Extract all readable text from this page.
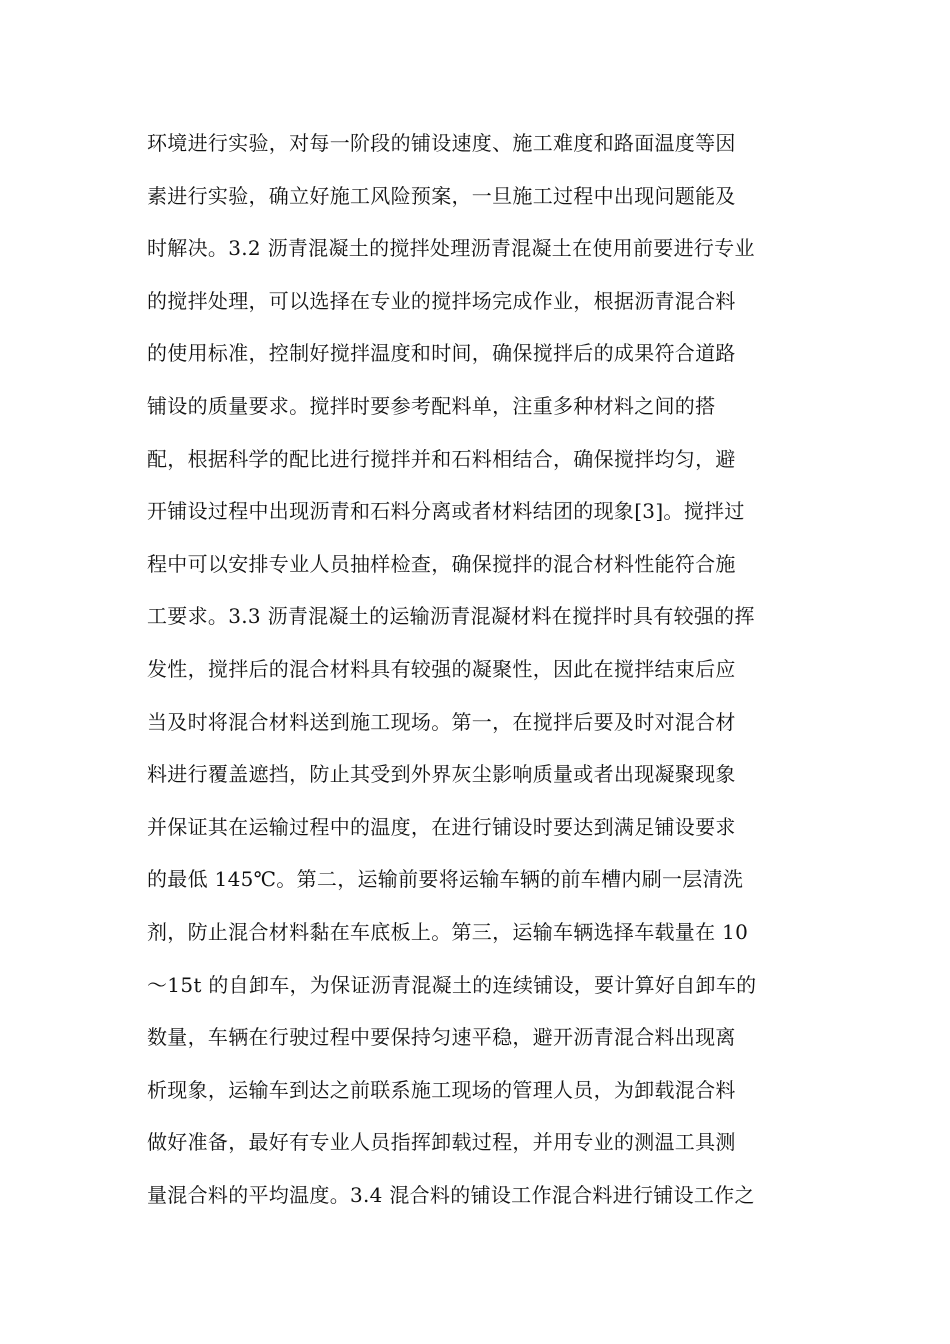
环境进行实验，对每一阶段的铺设速度、施工难度和路面温度等因
素进行实验，确立好施工风险预案，一旦施工过程中出现问题能及
时解决。3.2 沥青混凝土的搅拌处理沥青混凝土在使用前要进行专业
的搅拌处理，可以选择在专业的搅拌场完成作业，根据沥青混合料
的使用标准，控制好搅拌温度和时间，确保搅拌后的成果符合道路
铺设的质量要求。搅拌时要参考配料单，注重多种材料之间的搭
配，根据科学的配比进行搅拌并和石料相结合，确保搅拌均匀，避
开铺设过程中出现沥青和石料分离或者材料结团的现象[3]。搅拌过
程中可以安排专业人员抽样检查，确保搅拌的混合材料性能符合施
工要求。3.3 沥青混凝土的运输沥青混凝材料在搅拌时具有较强的挥
发性，搅拌后的混合材料具有较强的凝聚性，因此在搅拌结束后应
当及时将混合材料送到施工现场。第一，在搅拌后要及时对混合材
料进行覆盖遮挡，防止其受到外界灰尘影响质量或者出现凝聚现象
并保证其在运输过程中的温度，在进行铺设时要达到满足铺设要求
的最低 145℃。第二，运输前要将运输车辆的前车槽内刷一层清洗
剂，防止混合材料黏在车底板上。第三，运输车辆选择车载量在 10
～15t 的自卸车，为保证沥青混凝土的连续铺设，要计算好自卸车的
数量，车辆在行驶过程中要保持匀速平稳，避开沥青混合料出现离
析现象，运输车到达之前联系施工现场的管理人员，为卸载混合料
做好准备，最好有专业人员指挥卸载过程，并用专业的测温工具测
量混合料的平均温度。3.4 混合料的铺设工作混合料进行铺设工作之
